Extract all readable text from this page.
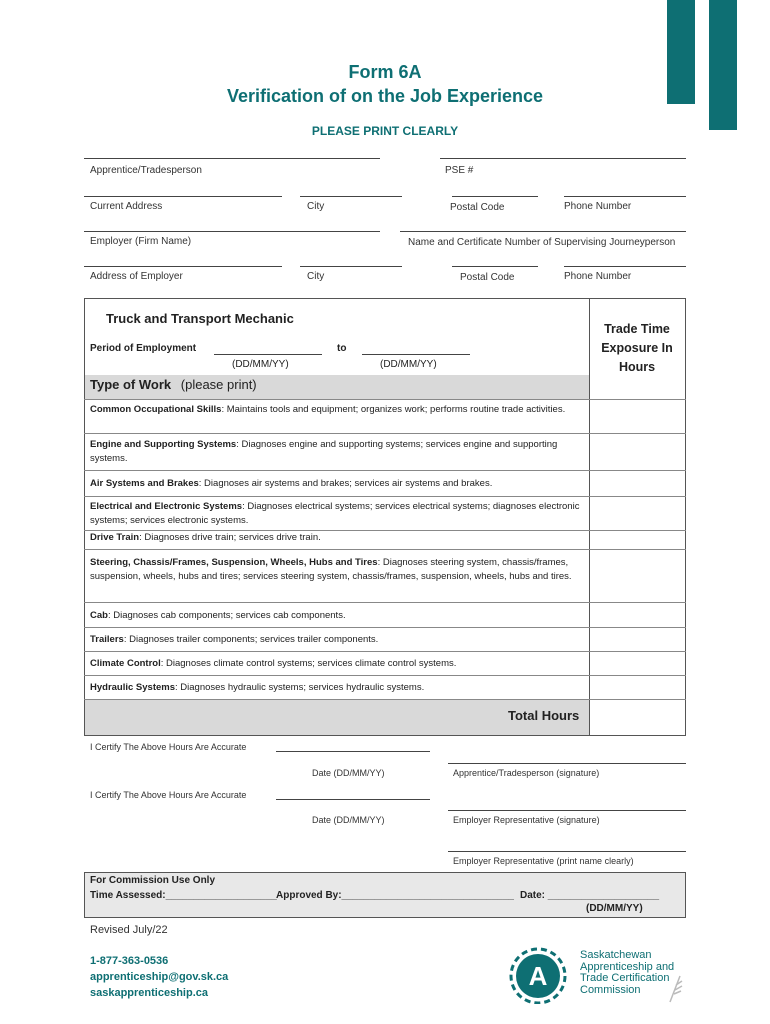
Form 6A
Verification of on the Job Experience
PLEASE PRINT CLEARLY
Apprentice/Tradesperson	PSE #
Current Address	City	Postal Code	Phone Number
Employer (Firm Name)	Name and Certificate Number of Supervising Journeyperson
Address of Employer	City	Postal Code	Phone Number
Truck and Transport Mechanic
Period of Employment	to
(DD/MM/YY)	(DD/MM/YY)
Trade Time Exposure In Hours
Type of Work (please print)
Common Occupational Skills: Maintains tools and equipment; organizes work; performs routine trade activities.
Engine and Supporting Systems: Diagnoses engine and supporting systems; services engine and supporting systems.
Air Systems and Brakes: Diagnoses air systems and brakes; services air systems and brakes.
Electrical and Electronic Systems: Diagnoses electrical systems; services electrical systems; diagnoses electronic systems; services electronic systems.
Drive Train: Diagnoses drive train; services drive train.
Steering, Chassis/Frames, Suspension, Wheels, Hubs and Tires: Diagnoses steering system, chassis/frames, suspension, wheels, hubs and tires; services steering system, chassis/frames, suspension, wheels, hubs and tires.
Cab: Diagnoses cab components; services cab components.
Trailers: Diagnoses trailer components; services trailer components.
Climate Control: Diagnoses climate control systems; services climate control systems.
Hydraulic Systems: Diagnoses hydraulic systems; services hydraulic systems.
Total Hours
I Certify The Above Hours Are Accurate
Date (DD/MM/YY)	Apprentice/Tradesperson (signature)
I Certify The Above Hours Are Accurate
Date (DD/MM/YY)	Employer Representative (signature)
Employer Representative (print name clearly)
For Commission Use Only
Time Assessed:____________________ Approved By:_______________________________ Date: ____________________
(DD/MM/YY)
Revised July/22
1-877-363-0536
apprenticeship@gov.sk.ca
saskapprenticeship.ca
A
Saskatchewan
Apprenticeship and
Trade Certification
Commission
